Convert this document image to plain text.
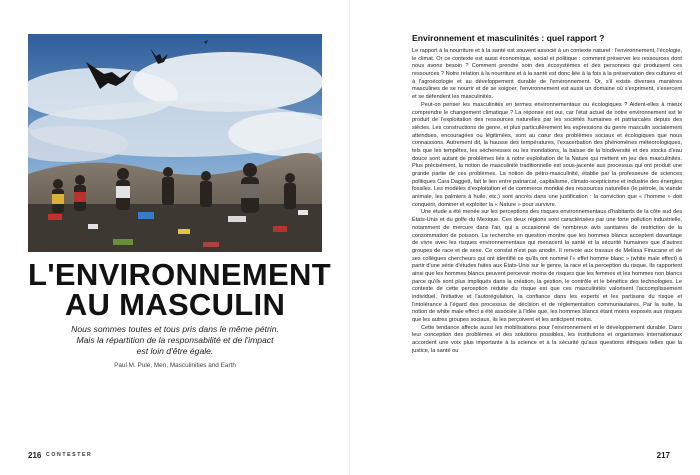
L'ENVIRONNEMENT
AU MASCULIN
Nous sommes toutes et tous pris dans le même pétrin.
Mais la répartition de la responsabilité et de l'impact
est loin d'être égale.
Paul M. Pulé, Men, Masculinities and Earth
216 CONTESTER
Environnement et masculinités : quel rapport ?

Le rapport à la nourriture et à la santé est souvent associé à un contexte naturel : l'environnement, l'écologie, le climat. Or ce contexte est aussi économique, social et politique : comment préserver les ressources dont nous avons besoin ? Comment prendre soin des écosystèmes et des personnes qui produisent ces ressources ? Notre relation à la nourriture et à la santé est donc liée à la fois à la préservation des cultures et à l'agroécologie et au développement durable de l'environnement. Or, s'il existe diverses manières masculines de se nourrir et de se soigner, l'environnement est aussi un domaine où s'expriment, s'exercent et se défendent les masculinités.

Peut-on penser les masculinités en termes environnementaux ou écologiques ? Aident-elles à mieux comprendre le changement climatique ? La réponse est oui, car l'état actuel de notre environnement est le produit de l'exploitation des ressources naturelles par les sociétés humaines et patriarcales depuis des siècles. Les constructions de genre, et plus particulièrement les expressions du genre masculin socialement attendues, encouragées ou légitimées, sont au cœur des problèmes sociaux et écologiques que nous connaissons. Autrement dit, la hausse des températures, l'exacerbation des phénomènes météorologiques, tels que les tempêtes, les sécheresses ou les inondations, la baisse de la biodiversité et des stocks d'eau douce sont autant de problèmes liés à notre exploitation de la Nature qui mettent en jeu des masculinités. Plus précisément, la notion de masculinité traditionnelle est sous-jacente aux processus qui ont produit une grande partie de ces problèmes. La notion de pétro-masculinité, établie par la professeure de sciences politiques Cara Daggett, fait le lien entre patriarcat, capitalisme, climato-scepticisme et industrie des énergies fossiles. Les modèles d'exploitation et de commerce mondial des ressources naturelles (le pétrole, la viande animale, les palmiers à huile, etc.) sont ancrés dans une justification : la conviction que « l'homme » doit conquérir, dominer et exploiter la « Nature » pour survivre.

Une étude a été menée sur les perceptions des risques environnementaux d'habitants de la côte sud des États-Unis et du golfe du Mexique. Ces deux régions sont caractérisées par une forte pollution industrielle, notamment de mercure dans l'air, qui a occasionné de nombreux avis sanitaires de restriction de la consommation de poisson. La recherche en question montre que les hommes blancs acceptent davantage de vivre avec les risques environnementaux qui menacent la santé et la sécurité humaines que d'autres groupes de race et de sexe. Ce constat n'est pas anodin. Il renvoie aux travaux de Melissa Finucane et de ses collègues chercheurs qui ont identifié ce qu'ils ont nommé l'« effet homme blanc » (white male effect) à partir d'une série d'études faites aux États-Unis sur le genre, la race et la perception du risque. Ils rapportent ainsi que les hommes blancs peuvent percevoir moins de risques que les femmes et les hommes non blancs parce qu'ils sont plus impliqués dans la création, la gestion, le contrôle et le bénéfice des technologies. Le contexte de cette perception réduite du risque est que ces masculinités valorisent l'accomplissement individuel, l'initiative et l'autorégulation, la confiance dans les experts et les partisans du risque et l'intolérance à l'égard des processus de décision et de réglementation communautaires. Par la suite, la notion de white male effect a été associée à l'idée que, les hommes blancs étant moins exposés aux risques que les autres groupes sociaux, ils les perçoivent et les anticipent moins.

Cette tendance affecte aussi les mobilisations pour l'environnement et le développement durable. Dans leur conception des problèmes et des solutions possibles, les institutions et organismes internationaux accordent une voix plus importante à la science et à la sécurité qu'aux questions éthiques telles que la justice, la santé ou

217
